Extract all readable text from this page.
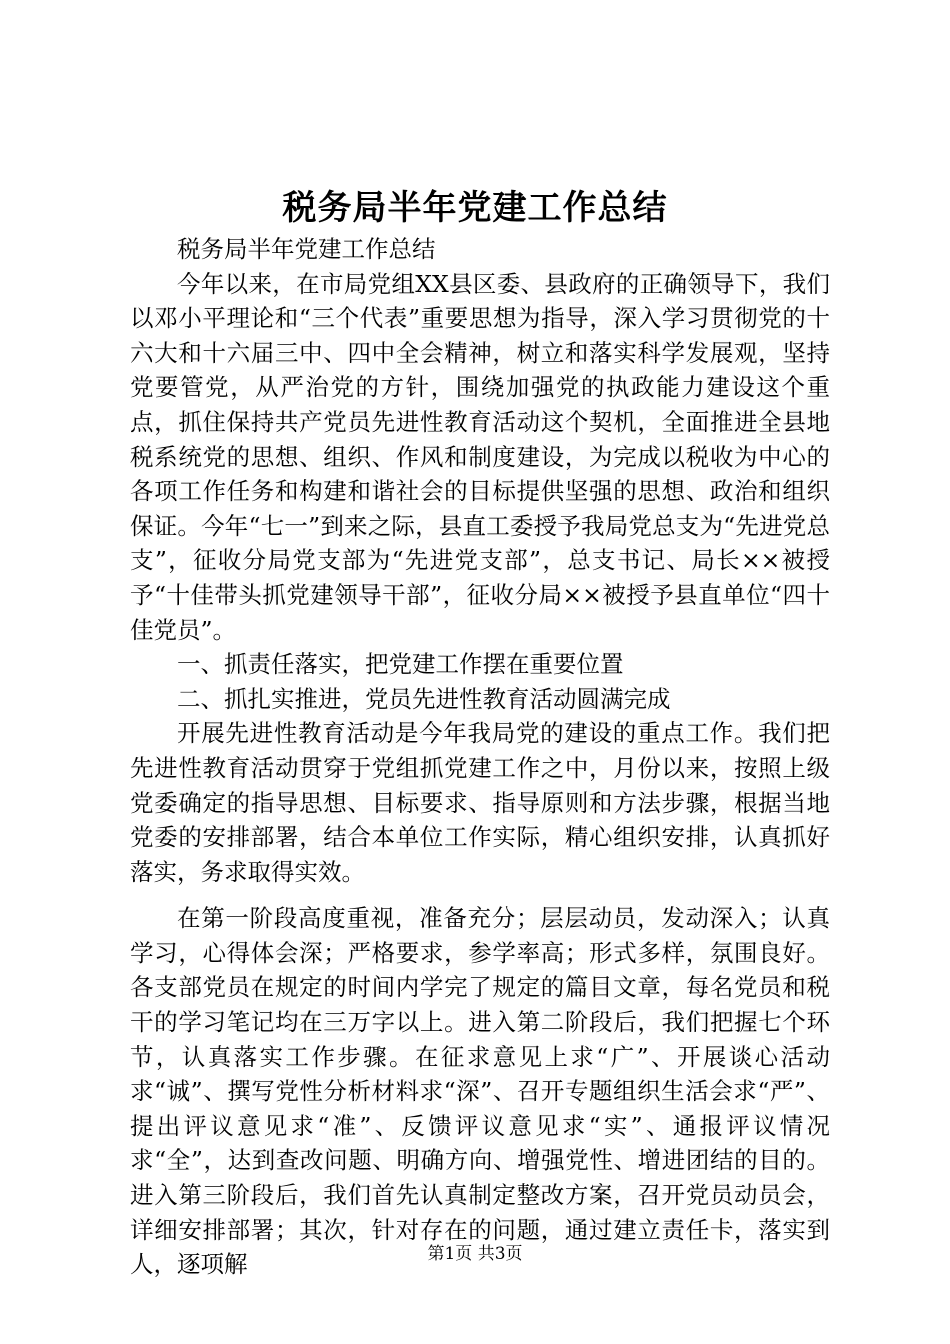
税务局半年党建工作总结

税务局半年党建工作总结

今年以来，在市局党组XX县区委、县政府的正确领导下，我们以邓小平理论和“三个代表”重要思想为指导，深入学习贯彻党的十六大和十六届三中、四中全会精神，树立和落实科学发展观，坚持党要管党，从严治党的方针，围绕加强党的执政能力建设这个重点，抓住保持共产党员先进性教育活动这个契机，全面推进全县地税系统党的思想、组织、作风和制度建设，为完成以税收为中心的各项工作任务和构建和谐社会的目标提供坚强的思想、政治和组织保证。今年“七一”到来之际，县直工委授予我局党总支为“先进党总支”，征收分局党支部为“先进党支部”，总支书记、局长××被授予“十佳带头抓党建领导干部”，征收分局××被授予县直单位“四十佳党员”。

一、抓责任落实，把党建工作摆在重要位置

二、抓扎实推进，党员先进性教育活动圆满完成

开展先进性教育活动是今年我局党的建设的重点工作。我们把先进性教育活动贯穿于党组抓党建工作之中，月份以来，按照上级党委确定的指导思想、目标要求、指导原则和方法步骤，根据当地党委的安排部署，结合本单位工作实际，精心组织安排，认真抓好落实，务求取得实效。

在第一阶段高度重视，准备充分；层层动员，发动深入；认真学习，心得体会深；严格要求，参学率高；形式多样，氛围良好。各支部党员在规定的时间内学完了规定的篇目文章，每名党员和税干的学习笔记均在三万字以上。进入第二阶段后，我们把握七个环节，认真落实工作步骤。在征求意见上求“广”、开展谈心活动求“诚”、撰写党性分析材料求“深”、召开专题组织生活会求“严”、提出评议意见求“准”、反馈评议意见求“实”、通报评议情况求“全”，达到查改问题、明确方向、增强党性、增进团结的目的。进入第三阶段后，我们首先认真制定整改方案，召开党员动员会，详细安排部署；其次，针对存在的问题，通过建立责任卡，落实到人，逐项解	第1页 共3页
